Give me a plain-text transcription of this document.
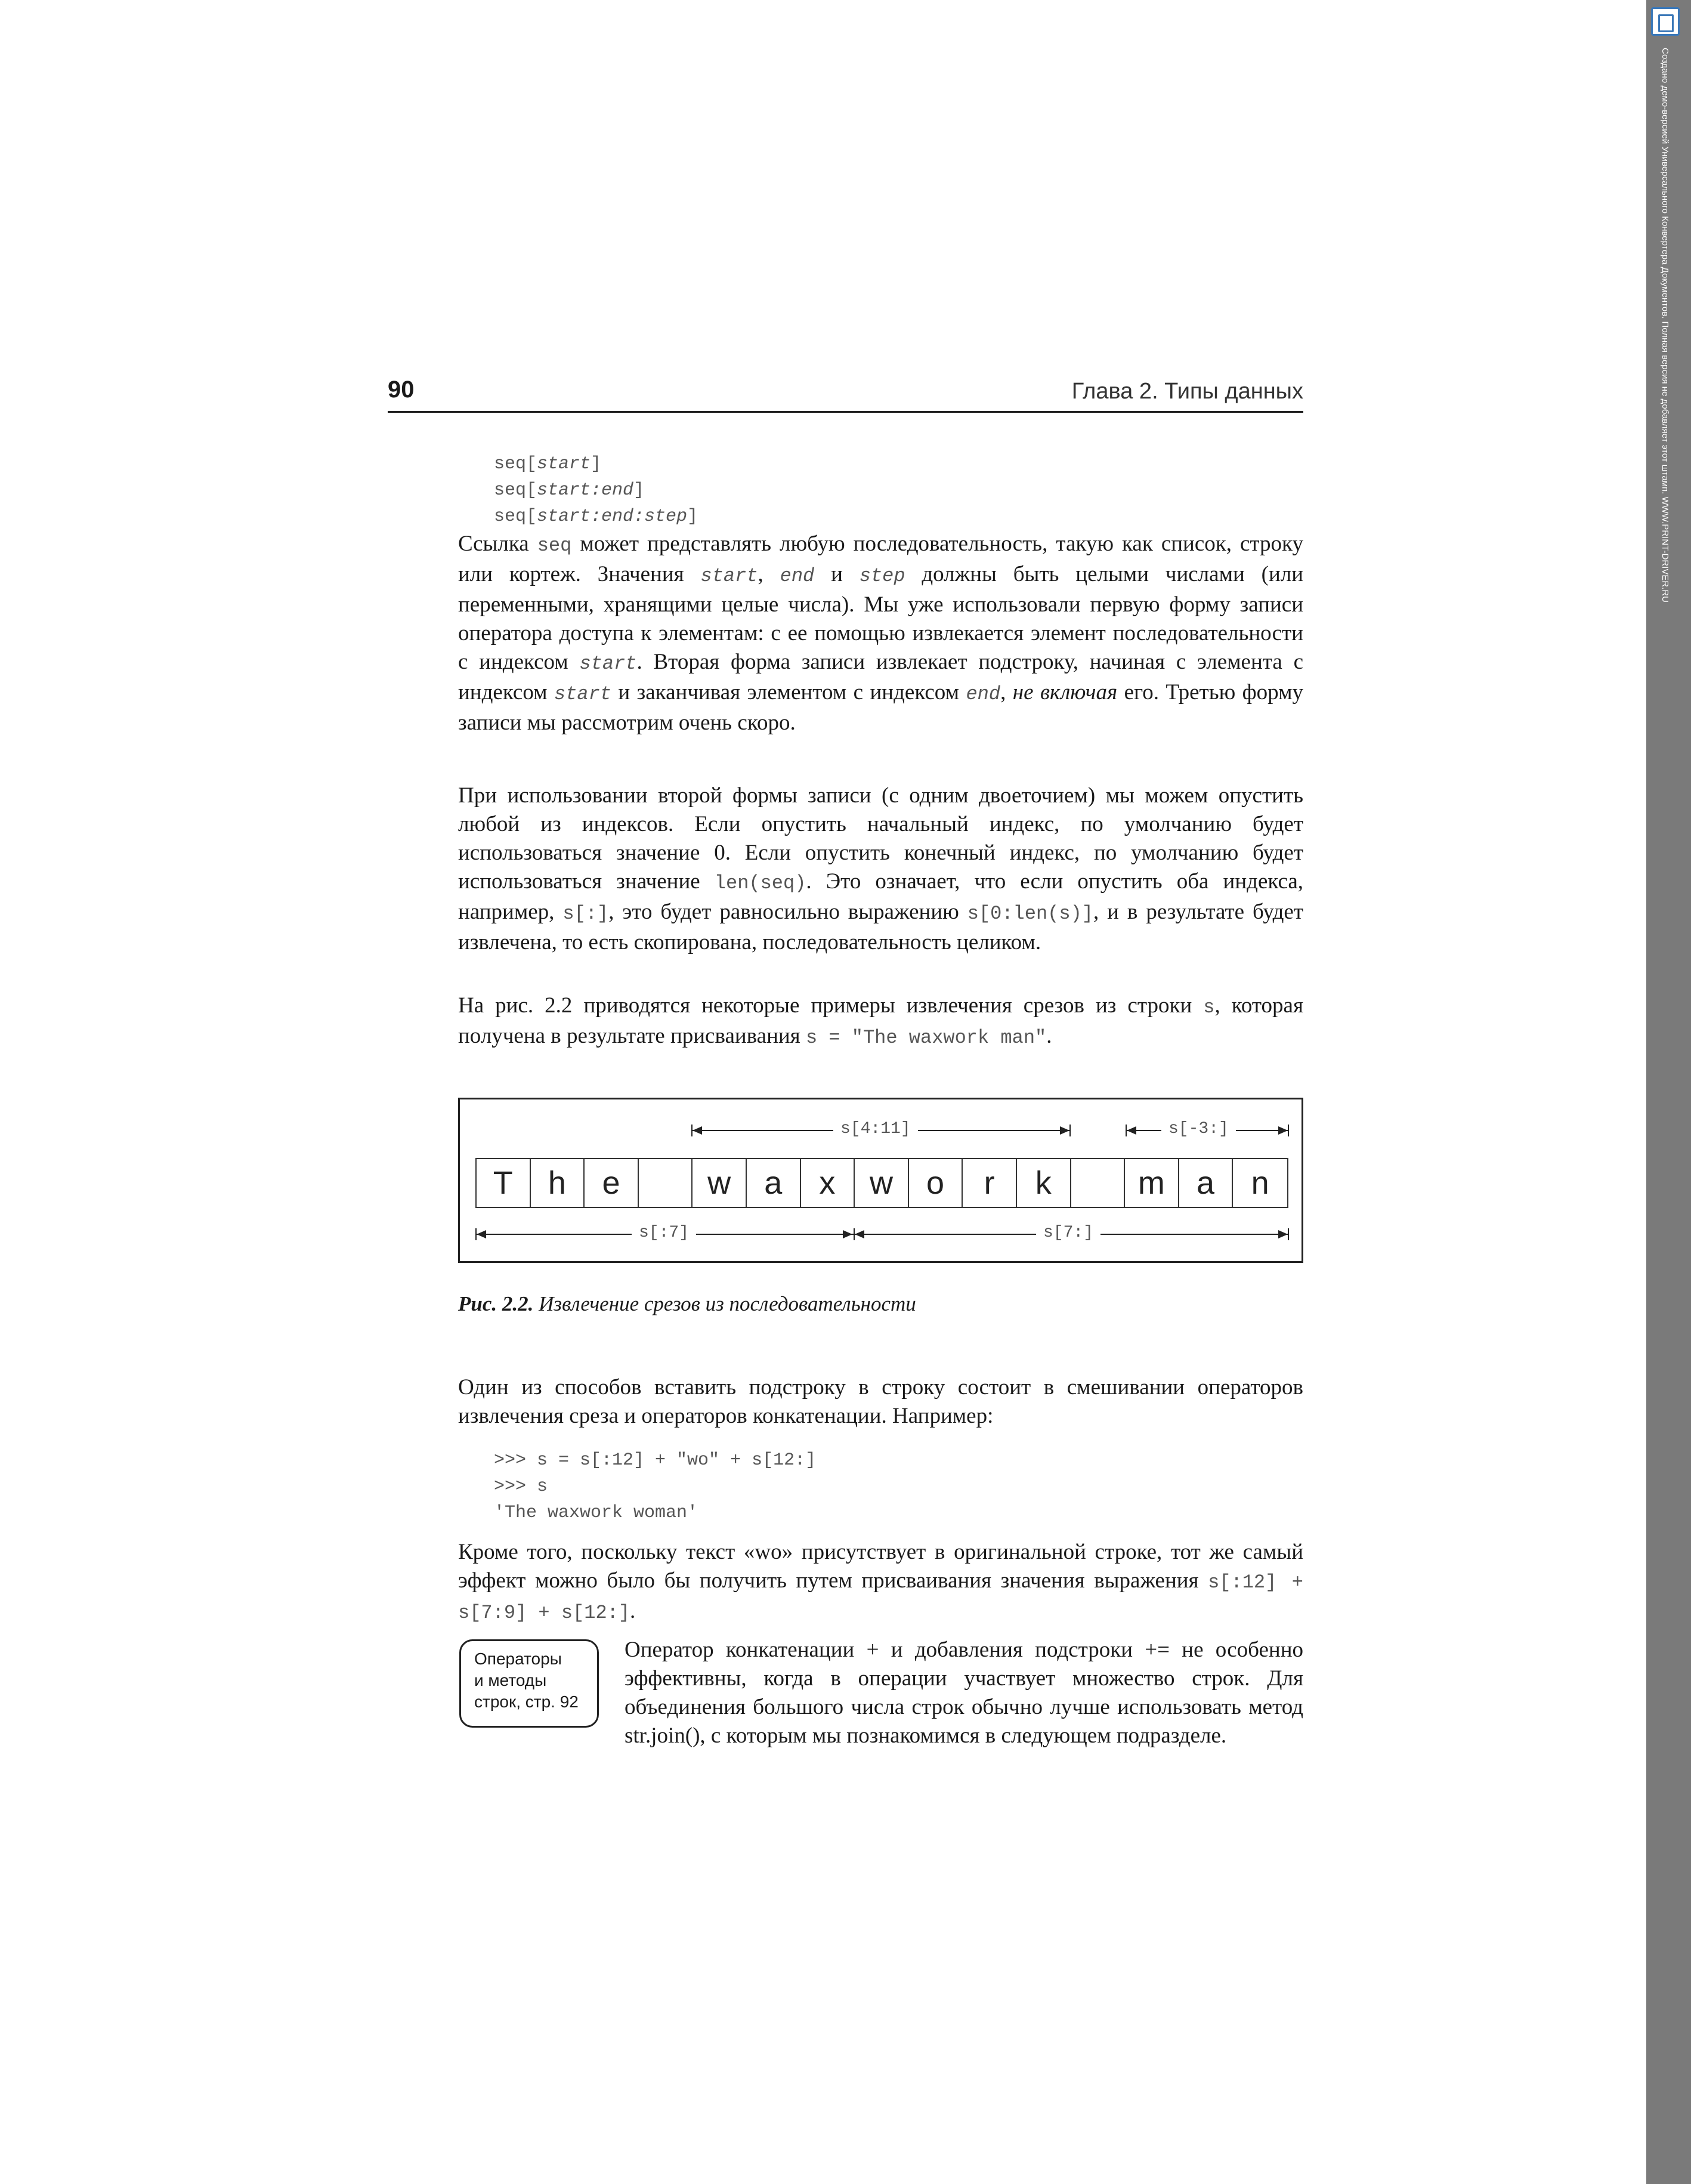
90	Глава 2. Типы данных
seq[start]
seq[start:end]
seq[start:end:step]

Ссылка seq может представлять любую последовательность, такую как список, строку или кортеж. Значения start, end и step должны быть целыми числами (или переменными, хранящими целые числа). Мы уже использовали первую форму записи оператора доступа к элементам: с ее помощью извлекается элемент последовательности с индексом start. Вторая форма записи извлекает подстроку, начиная с элемента с индексом start и заканчивая элементом с индексом end, не включая его. Третью форму записи мы рассмотрим очень скоро.

При использовании второй формы записи (с одним двоеточием) мы можем опустить любой из индексов. Если опустить начальный индекс, по умолчанию будет использоваться значение 0. Если опустить конечный индекс, по умолчанию будет использоваться значение len(seq). Это означает, что если опустить оба индекса, например, s[:], это будет равносильно выражению s[0:len(s)], и в результате будет извлечена, то есть скопирована, последовательность целиком.

На рис. 2.2 приводятся некоторые примеры извлечения срезов из строки s, которая получена в результате присваивания s = "The waxwork man".

s[4:11]	s[-3:]
T	h	e	w	a	x	w	o	r	k	m a	n
s[:7]	s[7:]
Рис. 2.2. Извлечение срезов из последовательности

Один из способов вставить подстроку в строку состоит в смешивании операторов извлечения среза и операторов конкатенации. Например:

>>> s = s[:12] + "wo" + s[12:]
>>> s
'The waxwork woman'

Кроме того, поскольку текст «wo» присутствует в оригинальной строке, тот же самый эффект можно было бы получить путем присваивания значения выражения s[:12] + s[7:9] + s[12:].

Операторы
и методы
строк, стр. 92

Оператор конкатенации + и добавления подстроки += не особенно эффективны, когда в операции участвует множество строк. Для объединения большого числа строк обычно лучше использовать метод str.join(), с которым мы познакомимся в следующем подразделе.

Создано демо-версией Универсального Конвертера Документов. Полная версия не добавляет этот штамп. WWW.PRINT-DRIVER.RU
